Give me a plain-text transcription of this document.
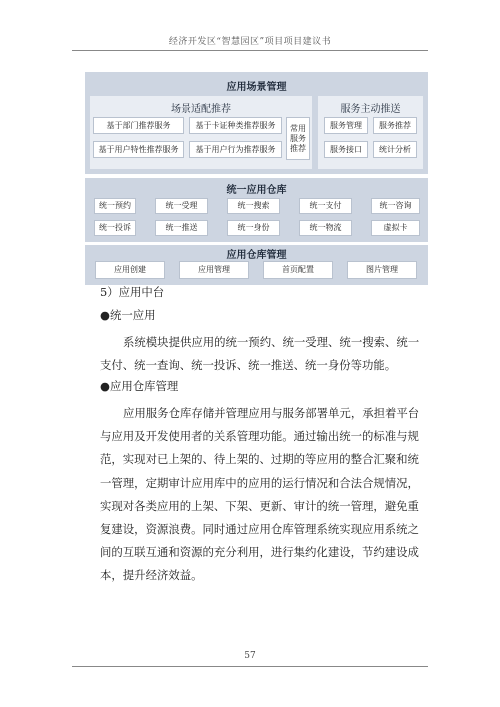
经济开发区“智慧园区”项目项目建议书
应用场景管理
场景适配推荐
基于部门推荐服务	基于卡证种类推荐服务
基于用户特性推荐服务	基于用户行为推荐服务
常用
服务
推荐
服务主动推送
服务管理	服务推荐
服务接口	统计分析
统一应用仓库
统一预约	统一受理	统一搜索	统一支付	统一咨询
统一投诉	统一推送	统一身份	统一物流	虚拟卡
应用仓库管理
应用创建	应用管理	首页配置	图片管理
5）应用中台
●统一应用

系统模块提供应用的统一预约、统一受理、统一搜索、统一支付、统一查询、统一投诉、统一推送、统一身份等功能。

●应用仓库管理

应用服务仓库存储并管理应用与服务部署单元，承担着平台与应用及开发使用者的关系管理功能。通过输出统一的标准与规范，实现对已上架的、待上架的、过期的等应用的整合汇聚和统一管理，定期审计应用库中的应用的运行情况和合法合规情况，实现对各类应用的上架、下架、更新、审计的统一管理，避免重复建设，资源浪费。同时通过应用仓库管理系统实现应用系统之间的互联互通和资源的充分利用，进行集约化建设，节约建设成本，提升经济效益。

57
